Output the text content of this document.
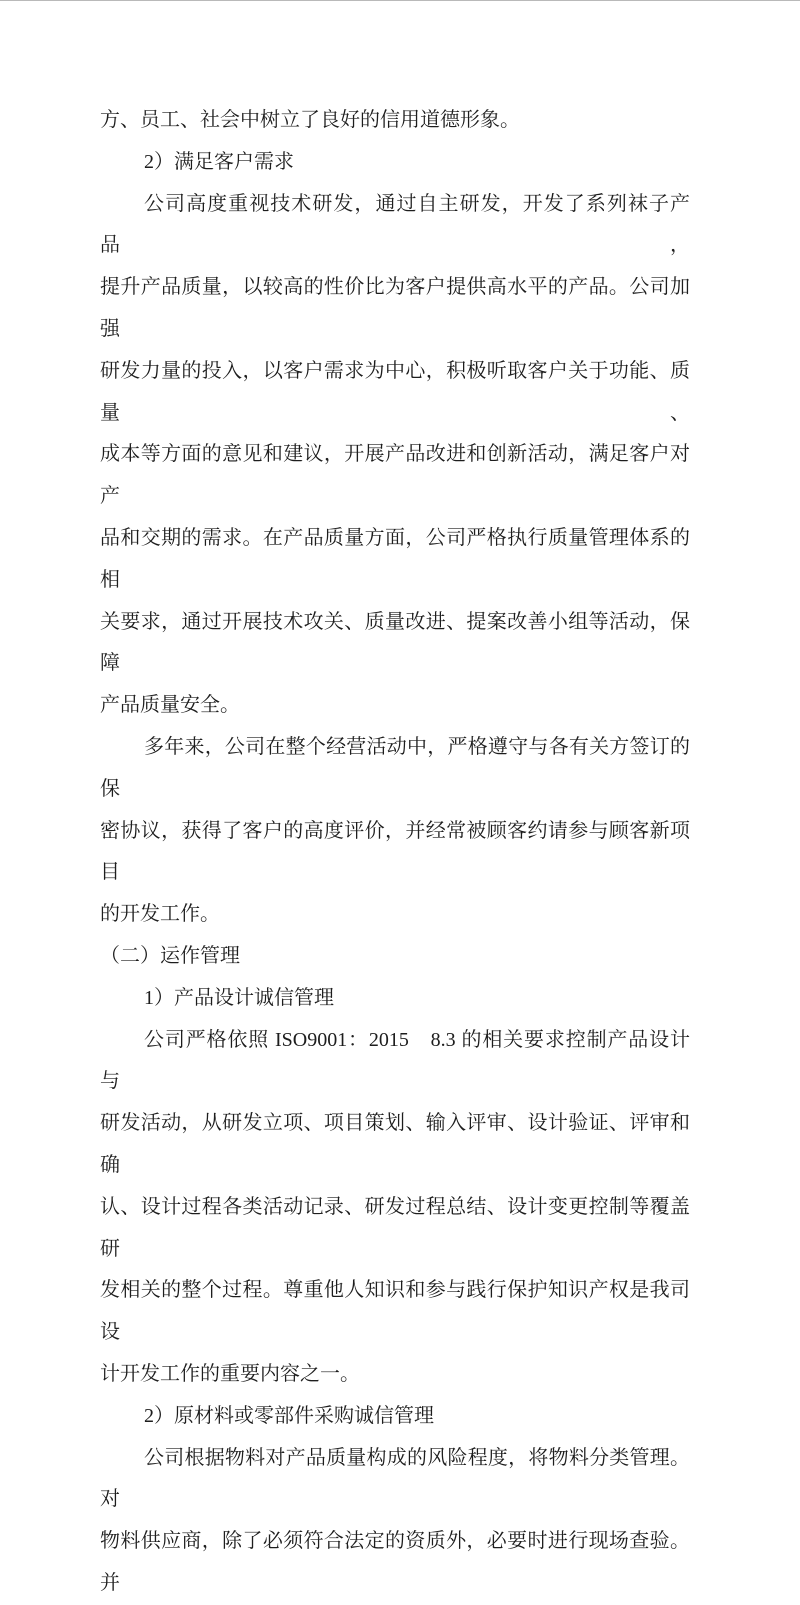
方、员工、社会中树立了良好的信用道德形象。
2）满足客户需求
公司高度重视技术研发，通过自主研发，开发了系列袜子产品，
提升产品质量，以较高的性价比为客户提供高水平的产品。公司加强
研发力量的投入，以客户需求为中心，积极听取客户关于功能、质量、
成本等方面的意见和建议，开展产品改进和创新活动，满足客户对产
品和交期的需求。在产品质量方面，公司严格执行质量管理体系的相
关要求，通过开展技术攻关、质量改进、提案改善小组等活动，保障
产品质量安全。
多年来，公司在整个经营活动中，严格遵守与各有关方签订的保
密协议，获得了客户的高度评价，并经常被顾客约请参与顾客新项目
的开发工作。
（二）运作管理
1）产品设计诚信管理
公司严格依照 ISO9001：2015　8.3 的相关要求控制产品设计与
研发活动，从研发立项、项目策划、输入评审、设计验证、评审和确
认、设计过程各类活动记录、研发过程总结、设计变更控制等覆盖研
发相关的整个过程。尊重他人知识和参与践行保护知识产权是我司设
计开发工作的重要内容之一。
2）原材料或零部件采购诚信管理
公司根据物料对产品质量构成的风险程度，将物料分类管理。对
物料供应商，除了必须符合法定的资质外，必要时进行现场查验。并
